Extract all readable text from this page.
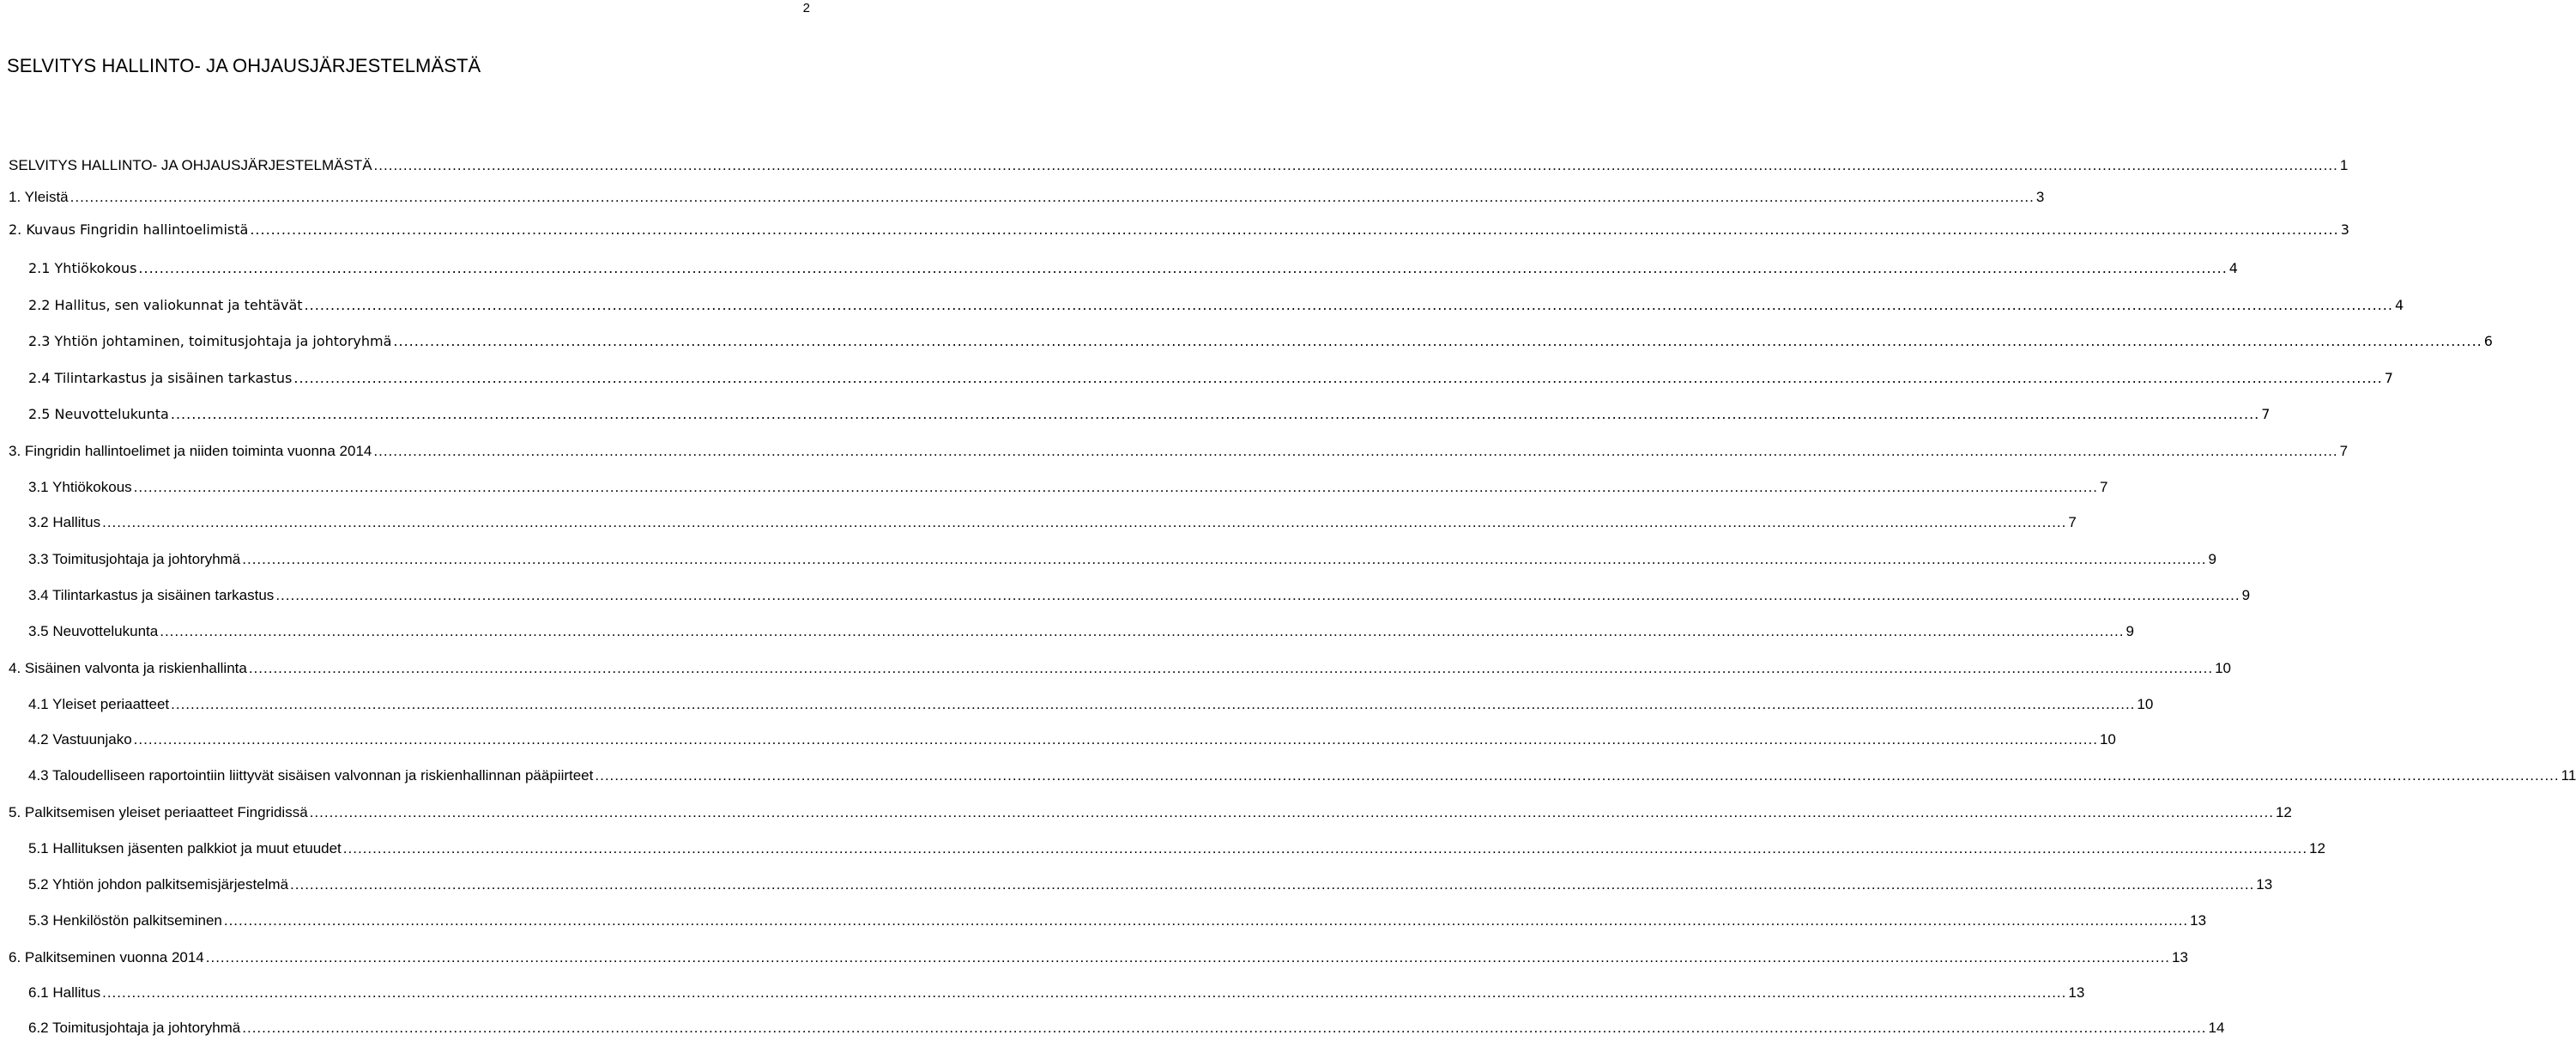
2
SELVITYS HALLINTO- JA OHJAUSJÄRJESTELMÄSTÄ
SELVITYS HALLINTO- JA OHJAUSJÄRJESTELMÄSTÄ ................................................................................................................................................................................................................................................................................................................................................................................................................ 1
1. Yleistä ................................................................................................................................................................................................................................................................................................................................................................................................................ 3
2. Kuvaus Fingridin hallintoelimistä ................................................................................................................................................................................................................................................................................................................................................................................................................ 3
2.1 Yhtiökokous ................................................................................................................................................................................................................................................................................................................................................................................................................ 4
2.2 Hallitus, sen valiokunnat ja tehtävät ................................................................................................................................................................................................................................................................................................................................................................................................................ 4
2.3 Yhtiön johtaminen, toimitusjohtaja ja johtoryhmä ................................................................................................................................................................................................................................................................................................................................................................................................................ 6
2.4 Tilintarkastus ja sisäinen tarkastus ................................................................................................................................................................................................................................................................................................................................................................................................................ 7
2.5 Neuvottelukunta ................................................................................................................................................................................................................................................................................................................................................................................................................ 7
3. Fingridin hallintoelimet ja niiden toiminta vuonna 2014 ................................................................................................................................................................................................................................................................................................................................................................................................................ 7
3.1 Yhtiökokous ................................................................................................................................................................................................................................................................................................................................................................................................................ 7
3.2 Hallitus ................................................................................................................................................................................................................................................................................................................................................................................................................ 7
3.3 Toimitusjohtaja ja johtoryhmä ................................................................................................................................................................................................................................................................................................................................................................................................................ 9
3.4 Tilintarkastus ja sisäinen tarkastus ................................................................................................................................................................................................................................................................................................................................................................................................................ 9
3.5 Neuvottelukunta ................................................................................................................................................................................................................................................................................................................................................................................................................ 9
4. Sisäinen valvonta ja riskienhallinta ................................................................................................................................................................................................................................................................................................................................................................................................................ 10
4.1 Yleiset periaatteet ................................................................................................................................................................................................................................................................................................................................................................................................................ 10
4.2 Vastuunjako ................................................................................................................................................................................................................................................................................................................................................................................................................ 10
4.3 Taloudelliseen raportointiin liittyvät sisäisen valvonnan ja riskienhallinnan pääpiirteet ................................................................................................................................................................................................................................................................................................................................................................................................................ 11
5. Palkitsemisen yleiset periaatteet Fingridissä ................................................................................................................................................................................................................................................................................................................................................................................................................ 12
5.1 Hallituksen jäsenten palkkiot ja muut etuudet ................................................................................................................................................................................................................................................................................................................................................................................................................ 12
5.2 Yhtiön johdon palkitsemisjärjestelmä ................................................................................................................................................................................................................................................................................................................................................................................................................ 13
5.3 Henkilöstön palkitseminen ................................................................................................................................................................................................................................................................................................................................................................................................................ 13
6. Palkitseminen vuonna 2014 ................................................................................................................................................................................................................................................................................................................................................................................................................ 13
6.1 Hallitus ................................................................................................................................................................................................................................................................................................................................................................................................................ 13
6.2 Toimitusjohtaja ja johtoryhmä ................................................................................................................................................................................................................................................................................................................................................................................................................ 14
